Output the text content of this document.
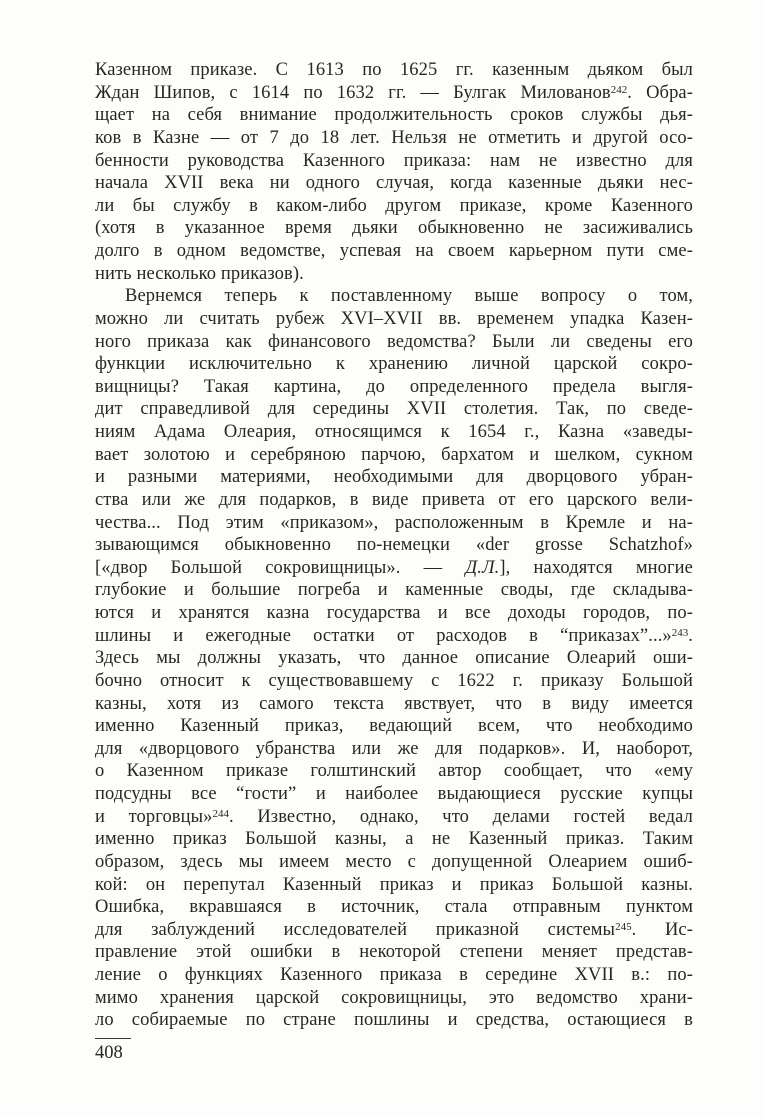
Казенном приказе. С 1613 по 1625 гг. казенным дьяком был
Ждан Шипов, с 1614 по 1632 гг. — Булгак Милованов$^{242}$. Обра-
щает на себя внимание продолжительность сроков службы дья-
ков в Казне — от 7 до 18 лет. Нельзя не отметить и другой осо-
бенности руководства Казенного приказа: нам не известно для
начала XVII века ни одного случая, когда казенные дьяки нес-
ли бы службу в каком-либо другом приказе, кроме Казенного
(хотя в указанное время дьяки обыкновенно не засиживались
долго в одном ведомстве, успевая на своем карьерном пути сме-
нить несколько приказов).
Вернемся теперь к поставленному выше вопросу о том,
можно ли считать рубеж XVI–XVII вв. временем упадка Казен-
ного приказа как финансового ведомства? Были ли сведены его
функции исключительно к хранению личной царской сокро-
вищницы? Такая картина, до определенного предела выгля-
дит справедливой для середины XVII столетия. Так, по сведе-
ниям Адама Олеария, относящимся к 1654 г., Казна «заведы-
вает золотою и серебряною парчою, бархатом и шелком, сукном
и разными материями, необходимыми для дворцового убран-
ства или же для подарков, в виде привета от его царского вели-
чества... Под этим «приказом», расположенным в Кремле и на-
зывающимся обыкновенно по-немецки «der grosse Schatzhof»
[«двор Большой сокровищницы». — Д.Л.], находятся многие
глубокие и большие погреба и каменные своды, где складыва-
ются и хранятся казна государства и все доходы городов, по-
шлины и ежегодные остатки от расходов в “приказах”...»$^{243}$.
Здесь мы должны указать, что данное описание Олеарий оши-
бочно относит к существовавшему с 1622 г. приказу Большой
казны, хотя из самого текста явствует, что в виду имеется
именно Казенный приказ, ведающий всем, что необходимо
для «дворцового убранства или же для подарков». И, наоборот,
о Казенном приказе голштинский автор сообщает, что «ему
подсудны все “гости” и наиболее выдающиеся русские купцы
и торговцы»$^{244}$. Известно, однако, что делами гостей ведал
именно приказ Большой казны, а не Казенный приказ. Таким
образом, здесь мы имеем место с допущенной Олеарием ошиб-
кой: он перепутал Казенный приказ и приказ Большой казны.
Ошибка, вкравшаяся в источник, стала отправным пунктом
для заблуждений исследователей приказной системы$^{245}$. Ис-
правление этой ошибки в некоторой степени меняет представ-
ление о функциях Казенного приказа в середине XVII в.: по-
мимо хранения царской сокровищницы, это ведомство храни-
ло собираемые по стране пошлины и средства, остающиеся в
408
